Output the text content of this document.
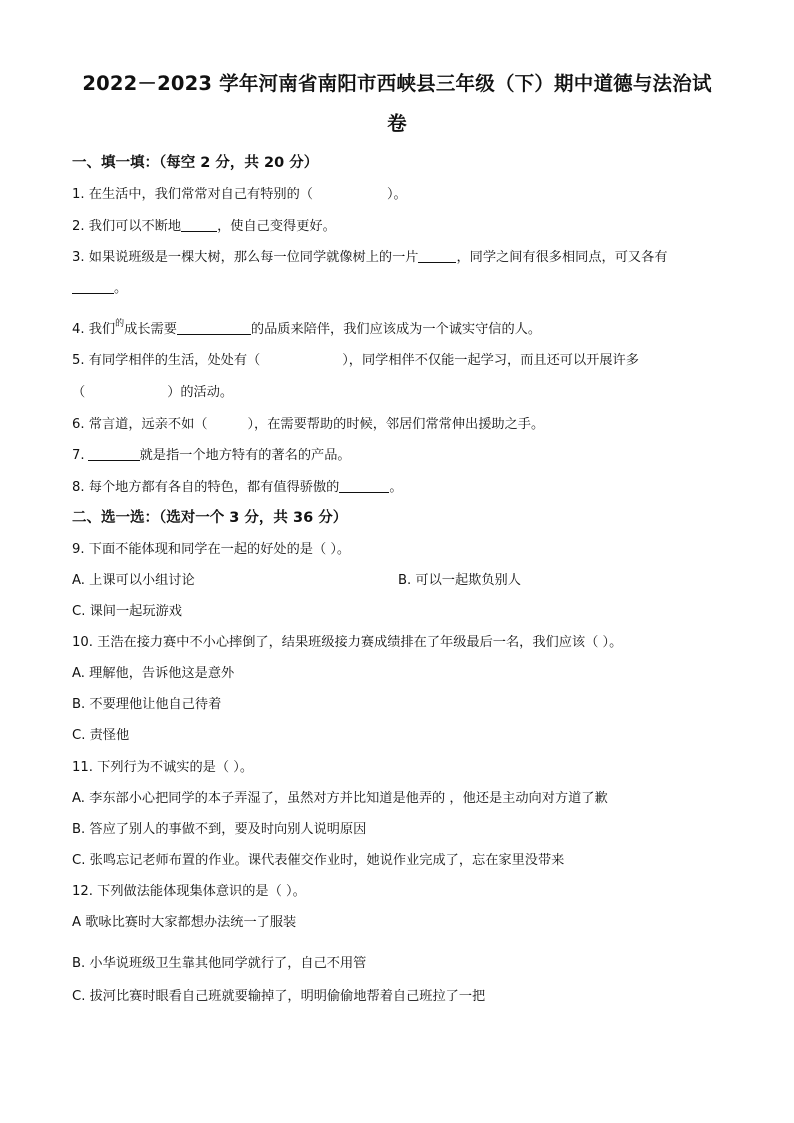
2022－2023 学年河南省南阳市西峡县三年级（下）期中道德与法治试
卷
一、填一填：（每空 2 分，共 20 分）
1. 在生活中，我们常常对自己有特别的（	）。
2. 我们可以不断地	，使自己变得更好。
3. 如果说班级是一棵大树，那么每一位同学就像树上的一片	，同学之间有很多相同点，可又各有
。
4. 我们$^的$成长需要	的品质来陪伴，我们应该成为一个诚实守信的人。
5. 有同学相伴的生活，处处有（	），同学相伴不仅能一起学习，而且还可以开展许多
（	）的活动。
6. 常言道，远亲不如（	），在需要帮助的时候，邻居们常常伸出援助之手。
7.	就是指一个地方特有的著名的产品。
8. 每个地方都有各自的特色，都有值得骄傲的	。
二、选一选：（选对一个 3 分，共 36 分）
9. 下面不能体现和同学在一起的好处的是（ ）。
A. 上课可以小组讨论	B. 可以一起欺负别人
C. 课间一起玩游戏
10. 王浩在接力赛中不小心摔倒了，结果班级接力赛成绩排在了年级最后一名，我们应该（ ）。
A. 理解他，告诉他这是意外
B. 不要理他让他自己待着
C. 责怪他
11. 下列行为不诚实的是（ ）。
A. 李东部小心把同学的本子弄湿了，虽然对方并比知道是他弄的 ，他还是主动向对方道了歉
B. 答应了别人的事做不到，要及时向别人说明原因
C. 张鸣忘记老师布置的作业。课代表催交作业时，她说作业完成了，忘在家里没带来
12. 下列做法能体现集体意识的是（ ）。
A 歌咏比赛时大家都想办法统一了服装
B. 小华说班级卫生靠其他同学就行了，自己不用管
C. 拔河比赛时眼看自己班就要输掉了，明明偷偷地帮着自己班拉了一把
